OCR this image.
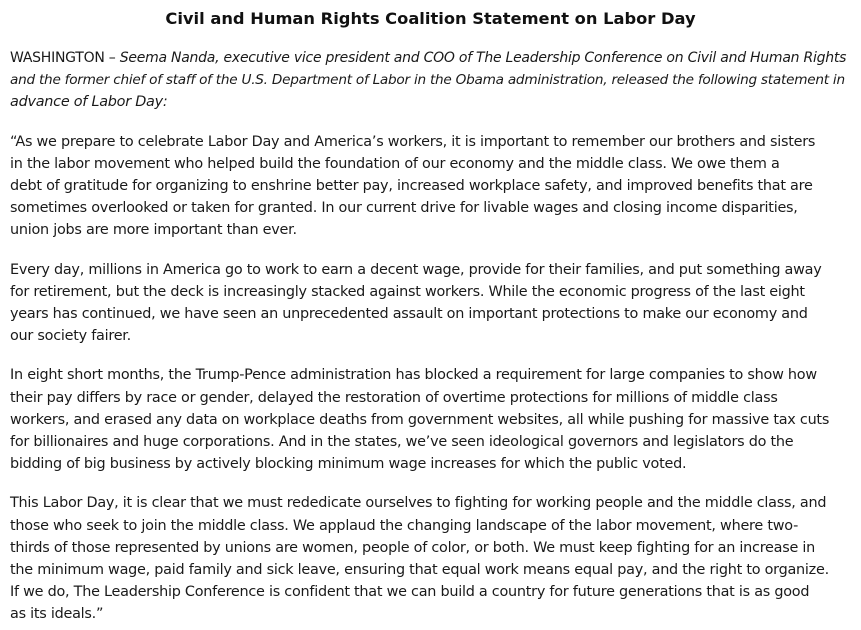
Civil and Human Rights Coalition Statement on Labor Day

WASHINGTON – Seema Nanda, executive vice president and COO of The Leadership Conference on Civil and Human Rights
and the former chief of staff of the U.S. Department of Labor in the Obama administration, released the following statement in
advance of Labor Day:

“As we prepare to celebrate Labor Day and America’s workers, it is important to remember our brothers and sisters
in the labor movement who helped build the foundation of our economy and the middle class. We owe them a
debt of gratitude for organizing to enshrine better pay, increased workplace safety, and improved benefits that are
sometimes overlooked or taken for granted. In our current drive for livable wages and closing income disparities,
union jobs are more important than ever.

Every day, millions in America go to work to earn a decent wage, provide for their families, and put something away
for retirement, but the deck is increasingly stacked against workers. While the economic progress of the last eight
years has continued, we have seen an unprecedented assault on important protections to make our economy and
our society fairer.

In eight short months, the Trump-Pence administration has blocked a requirement for large companies to show how
their pay differs by race or gender, delayed the restoration of overtime protections for millions of middle class
workers, and erased any data on workplace deaths from government websites, all while pushing for massive tax cuts
for billionaires and huge corporations. And in the states, we’ve seen ideological governors and legislators do the
bidding of big business by actively blocking minimum wage increases for which the public voted.

This Labor Day, it is clear that we must rededicate ourselves to fighting for working people and the middle class, and
those who seek to join the middle class. We applaud the changing landscape of the labor movement, where two-
thirds of those represented by unions are women, people of color, or both. We must keep fighting for an increase in
the minimum wage, paid family and sick leave, ensuring that equal work means equal pay, and the right to organize.
If we do, The Leadership Conference is confident that we can build a country for future generations that is as good
as its ideals.”
